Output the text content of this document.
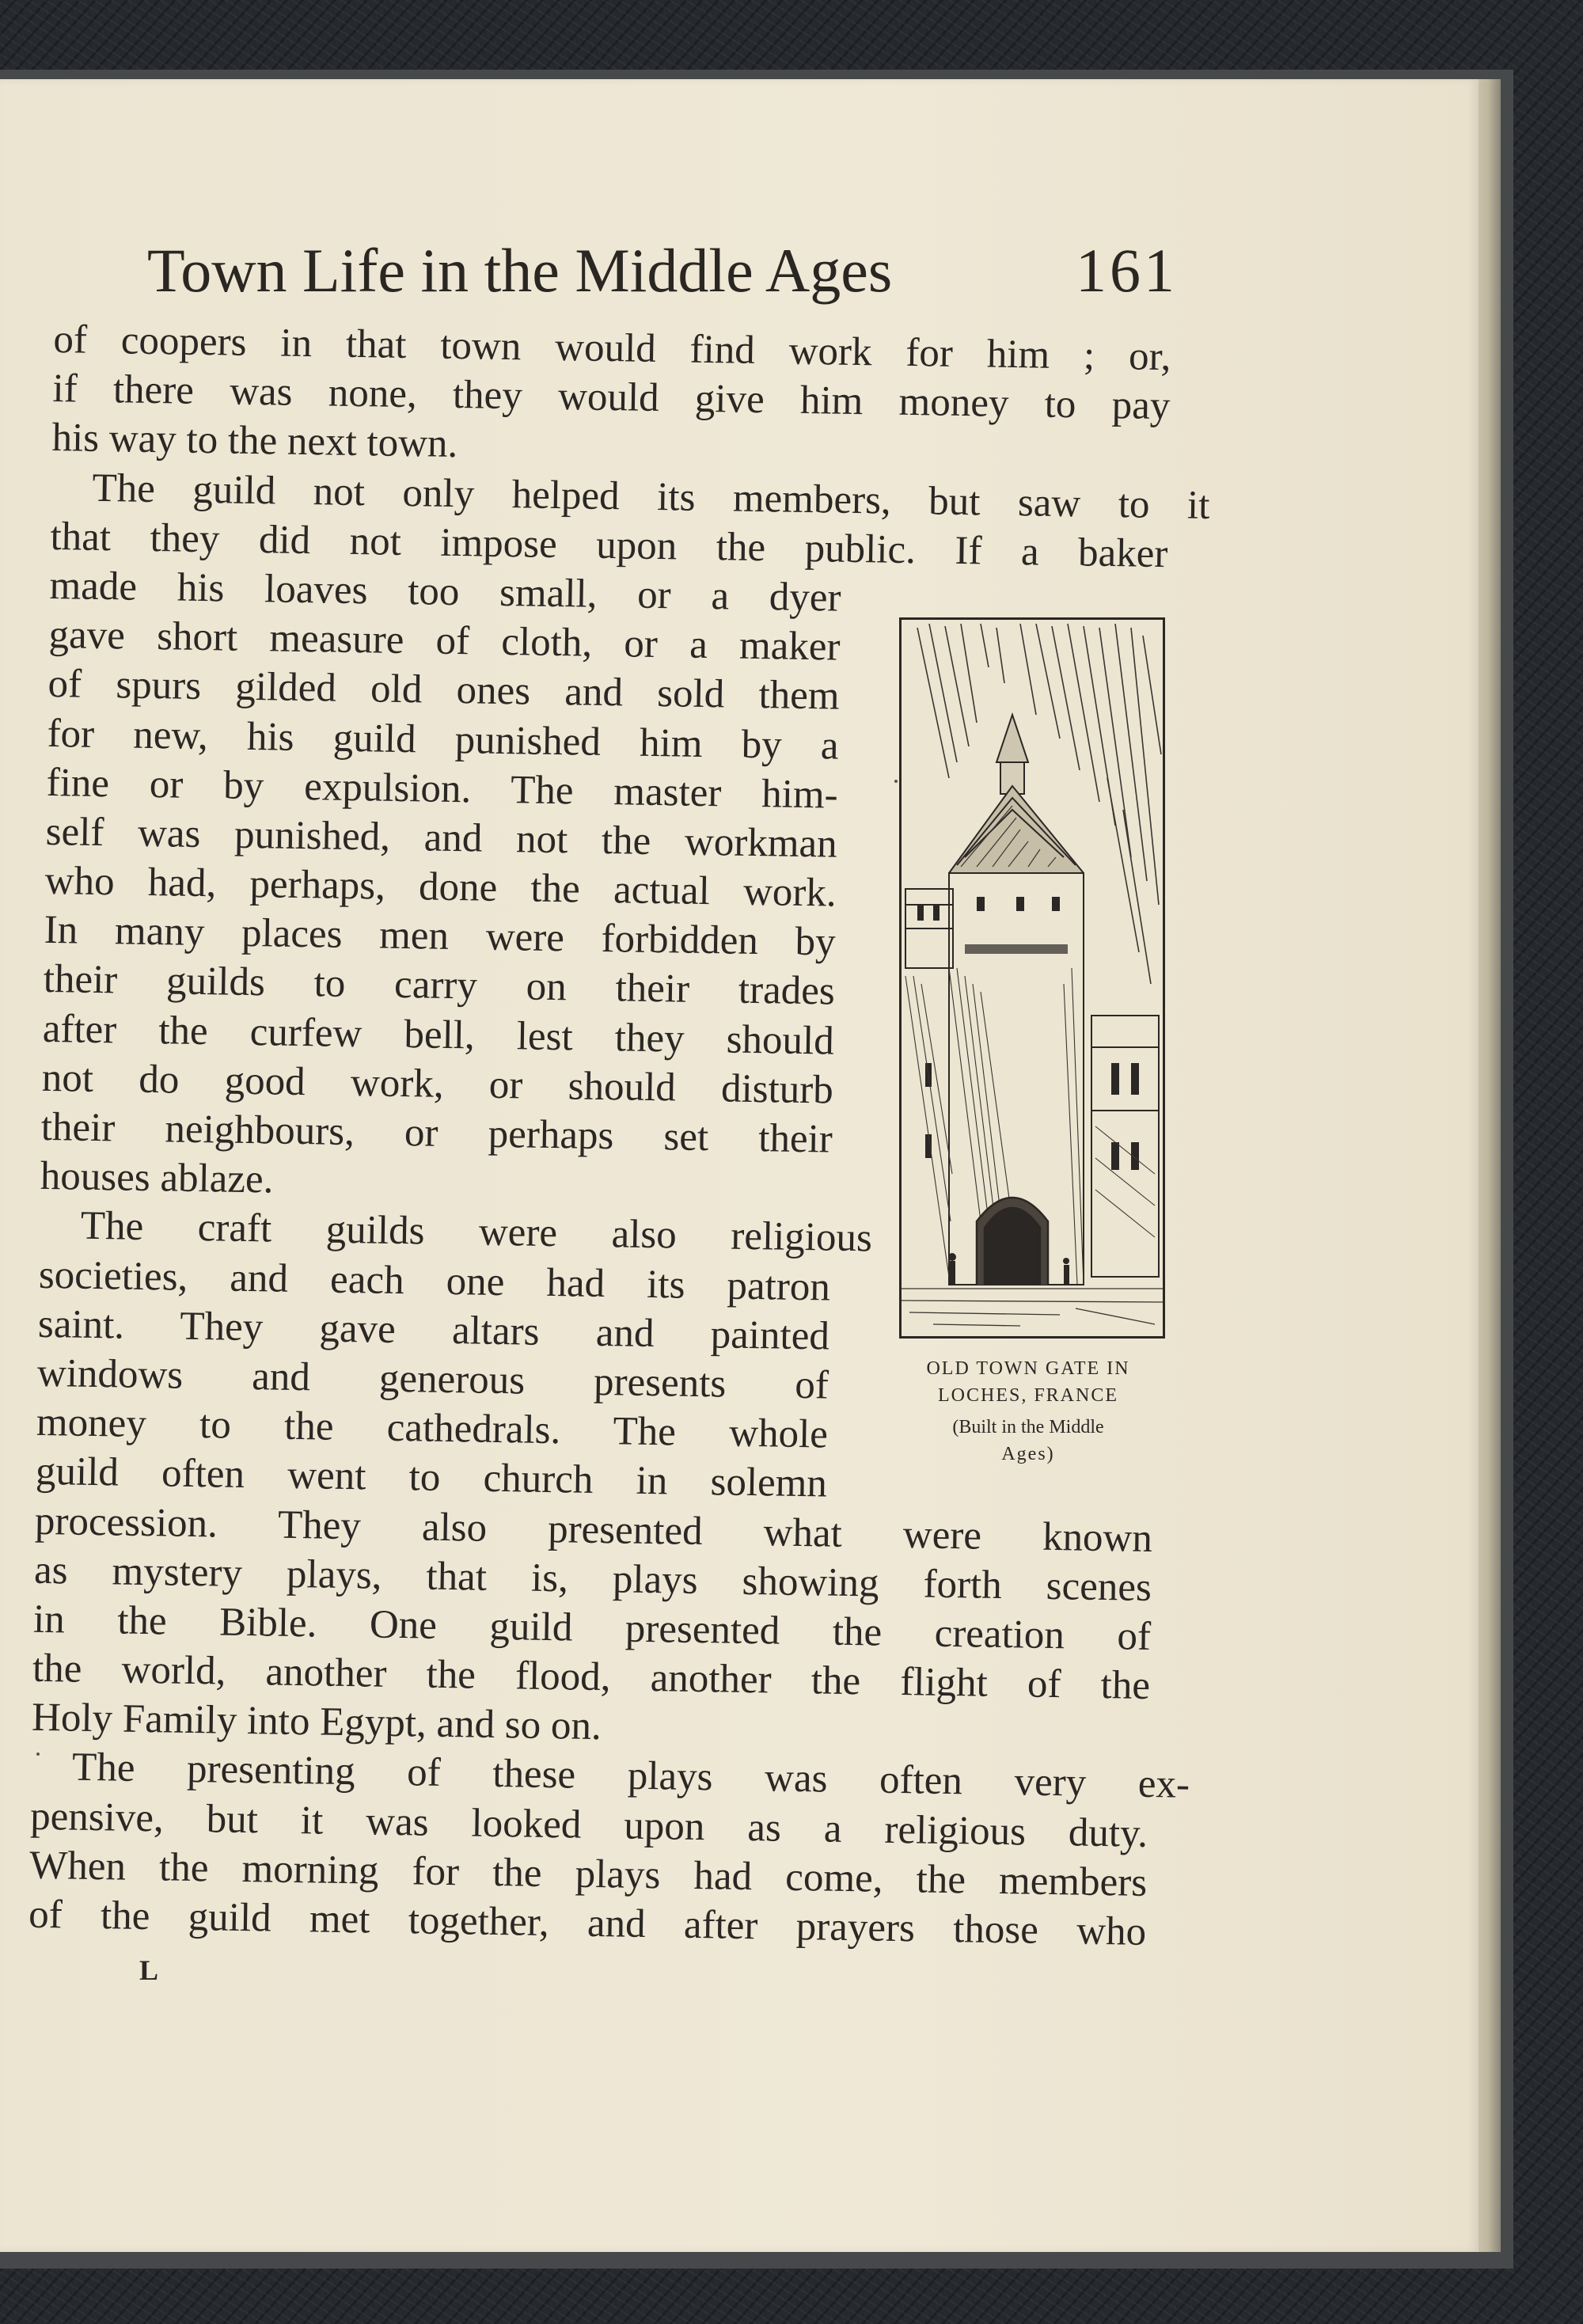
Town Life in the Middle Ages	161

of coopers in that town would find work for him ; or,
if there was none, they would give him money to pay
his way to the next town.

The guild not only helped its members, but saw to it
that they did not impose upon the public. If a baker
made his loaves too small, or a dyer
gave short measure of cloth, or a maker
of spurs gilded old ones and sold them
for new, his guild punished him by a
fine or by expulsion. The master him-
self was punished, and not the workman
who had, perhaps, done the actual work.
In many places men were forbidden by
their guilds to carry on their trades
after the curfew bell, lest they should
not do good work, or should disturb
their neighbours, or perhaps set their
houses ablaze.

The craft guilds were also religious
societies, and each one had its patron
saint. They gave altars and painted
windows and generous presents of
money to the cathedrals. The whole
guild often went to church in solemn
procession. They also presented what were known
as mystery plays, that is, plays showing forth scenes
in the Bible. One guild presented the creation of
the world, another the flood, another the flight of the
Holy Family into Egypt, and so on.

The presenting of these plays was often very ex-
pensive, but it was looked upon as a religious duty.
When the morning for the plays had come, the members
of the guild met together, and after prayers those who

OLD TOWN GATE IN
LOCHES, FRANCE
(Built in the Middle
Ages)
L
